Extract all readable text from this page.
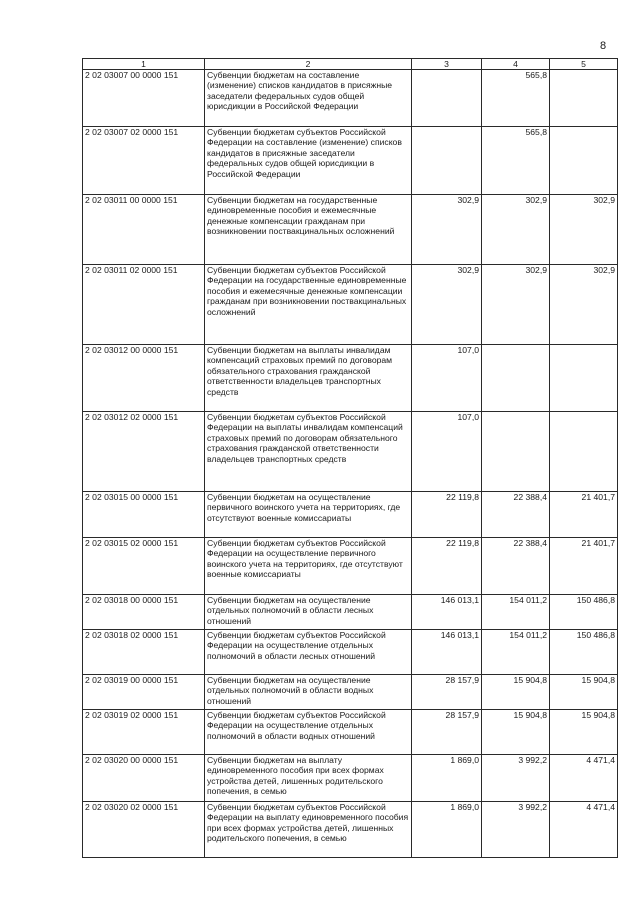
8
1	2	3	4	5
2 02 03007 00 0000 151	Субвенции бюджетам на составление (изменение) списков кандидатов в присяжные заседатели федеральных судов общей юрисдикции в Российской Федерации		565,8	
2 02 03007 02 0000 151	Субвенции бюджетам субъектов Российской Федерации на составление (изменение) списков кандидатов в присяжные заседатели федеральных судов общей юрисдикции в Российской Федерации		565,8	
2 02 03011 00 0000 151	Субвенции бюджетам на государственные единовременные пособия и ежемесячные денежные компенсации гражданам при возникновении поствакцинальных осложнений	302,9	302,9	302,9
2 02 03011 02 0000 151	Субвенции бюджетам субъектов Российской Федерации на государственные единовременные пособия и ежемесячные денежные компенсации гражданам при возникновении поствакцинальных осложнений	302,9	302,9	302,9
2 02 03012 00 0000 151	Субвенции бюджетам на выплаты инвалидам компенсаций страховых премий по договорам обязательного страхования гражданской ответственности владельцев транспортных средств	107,0		
2 02 03012 02 0000 151	Субвенции бюджетам субъектов Российской Федерации на выплаты инвалидам компенсаций страховых премий по договорам обязательного страхования гражданской ответственности владельцев транспортных средств	107,0		
2 02 03015 00 0000 151	Субвенции бюджетам на осуществление первичного воинского учета на территориях, где отсутствуют военные комиссариаты	22 119,8	22 388,4	21 401,7
2 02 03015 02 0000 151	Субвенции бюджетам субъектов Российской Федерации на осуществление первичного воинского учета на территориях, где отсутствуют военные комиссариаты	22 119,8	22 388,4	21 401,7
2 02 03018 00 0000 151	Субвенции бюджетам на осуществление отдельных полномочий в области лесных отношений	146 013,1	154 011,2	150 486,8
2 02 03018 02 0000 151	Субвенции бюджетам субъектов Российской Федерации на осуществление отдельных полномочий в области лесных отношений	146 013,1	154 011,2	150 486,8
2 02 03019 00 0000 151	Субвенции бюджетам на осуществление отдельных полномочий в области водных отношений	28 157,9	15 904,8	15 904,8
2 02 03019 02 0000 151	Субвенции бюджетам субъектов Российской Федерации на осуществление отдельных полномочий в области водных отношений	28 157,9	15 904,8	15 904,8
2 02 03020 00 0000 151	Субвенции бюджетам на выплату единовременного пособия при всех формах устройства детей, лишенных родительского попечения, в семью	1 869,0	3 992,2	4 471,4
2 02 03020 02 0000 151	Субвенции бюджетам субъектов Российской Федерации на выплату единовременного пособия при всех формах устройства детей, лишенных родительского попечения, в семью	1 869,0	3 992,2	4 471,4
